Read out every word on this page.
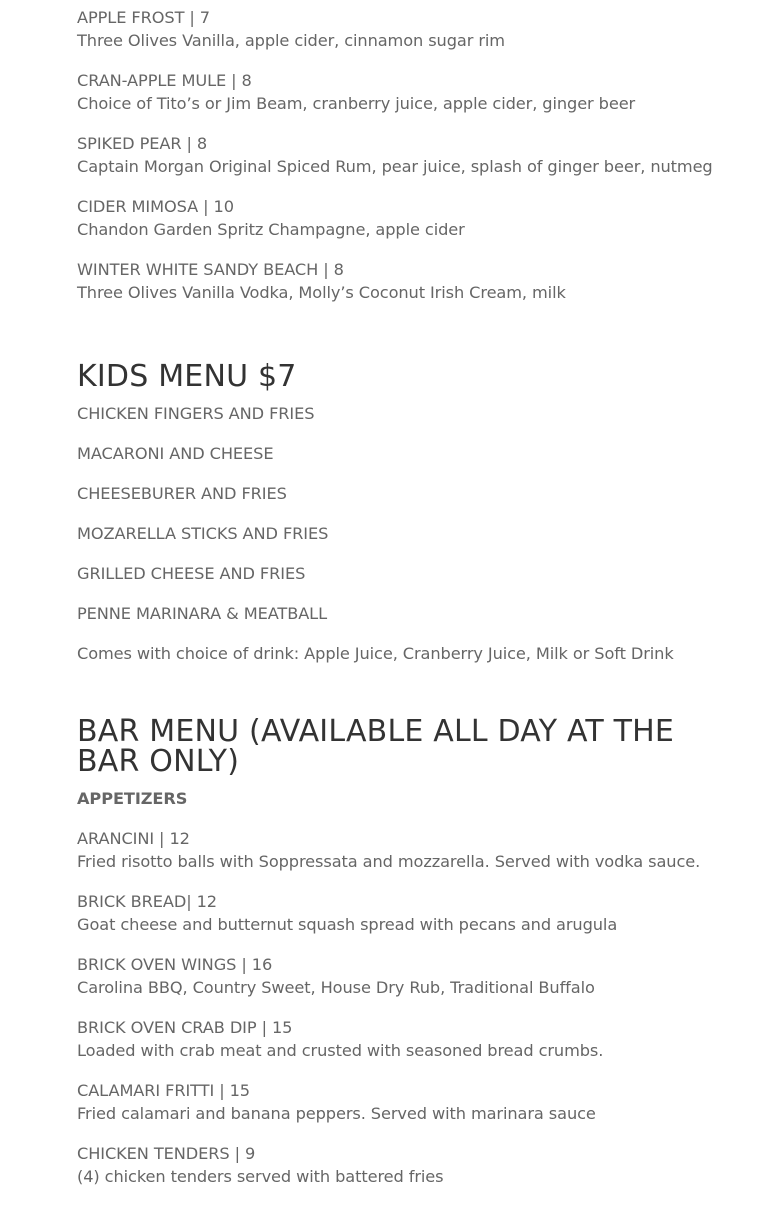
APPLE FROST | 7
Three Olives Vanilla, apple cider, cinnamon sugar rim
CRAN-APPLE MULE | 8
Choice of Tito’s or Jim Beam, cranberry juice, apple cider, ginger beer
SPIKED PEAR | 8
Captain Morgan Original Spiced Rum, pear juice, splash of ginger beer, nutmeg
CIDER MIMOSA | 10
Chandon Garden Spritz Champagne, apple cider
WINTER WHITE SANDY BEACH | 8
Three Olives Vanilla Vodka, Molly’s Coconut Irish Cream, milk
KIDS MENU $7
CHICKEN FINGERS AND FRIES
MACARONI AND CHEESE
CHEESEBURER AND FRIES
MOZARELLA STICKS AND FRIES
GRILLED CHEESE AND FRIES
PENNE MARINARA & MEATBALL
Comes with choice of drink: Apple Juice, Cranberry Juice, Milk or Soft Drink
BAR MENU (AVAILABLE ALL DAY AT THE BAR ONLY)
APPETIZERS
ARANCINI | 12
Fried risotto balls with Soppressata and mozzarella. Served with vodka sauce.
BRICK BREAD| 12
Goat cheese and butternut squash spread with pecans and arugula
BRICK OVEN WINGS | 16
Carolina BBQ, Country Sweet, House Dry Rub, Traditional Buffalo
BRICK OVEN CRAB DIP | 15
Loaded with crab meat and crusted with seasoned bread crumbs.
CALAMARI FRITTI | 15
Fried calamari and banana peppers. Served with marinara sauce
CHICKEN TENDERS | 9
(4) chicken tenders served with battered fries
